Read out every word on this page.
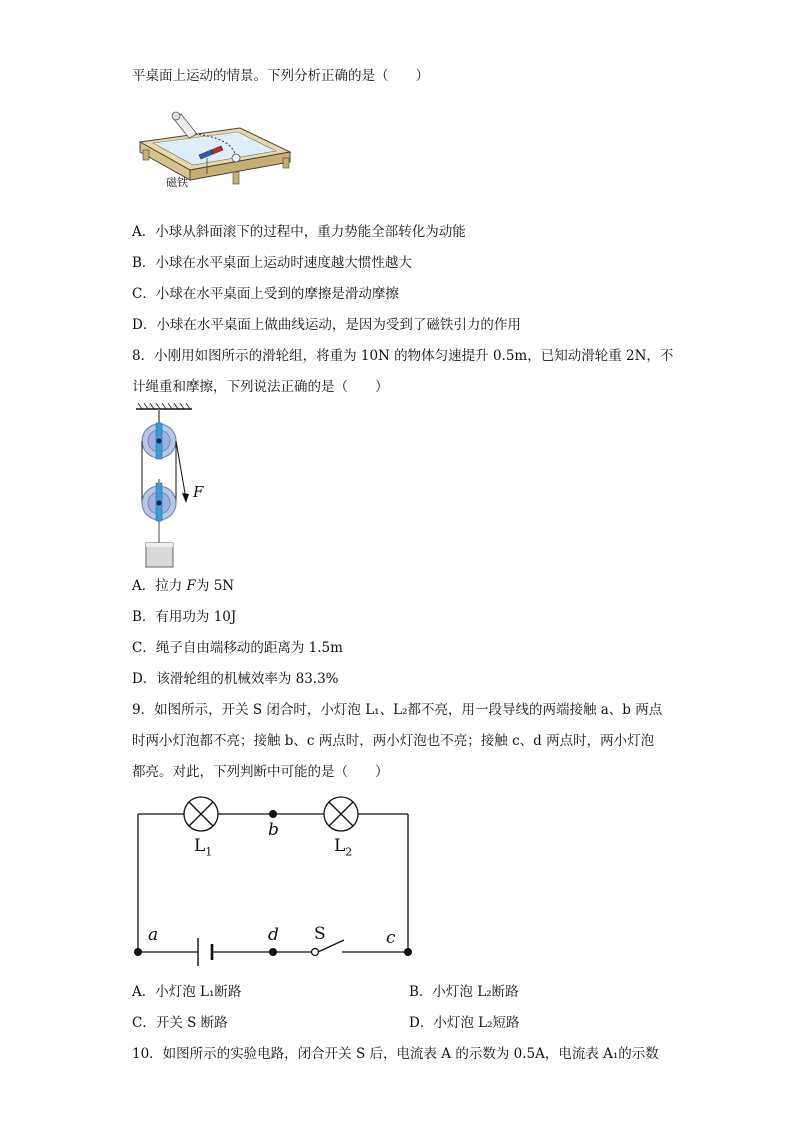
平桌面上运动的情景。下列分析正确的是（　　）
磁铁
A．小球从斜面滚下的过程中，重力势能全部转化为动能
B．小球在水平桌面上运动时速度越大惯性越大
C．小球在水平桌面上受到的摩擦是滑动摩擦
D．小球在水平桌面上做曲线运动，是因为受到了磁铁引力的作用
8．小刚用如图所示的滑轮组，将重为 10N 的物体匀速提升 0.5m，已知动滑轮重 2N，不
计绳重和摩擦，下列说法正确的是（　　）
F
A．拉力 F为 5N
B．有用功为 10J
C．绳子自由端移动的距离为 1.5m
D．该滑轮组的机械效率为 83.3%
9．如图所示，开关 S 闭合时，小灯泡 L₁、L₂都不亮，用一段导线的两端接触 a、b 两点
时两小灯泡都不亮；接触 b、c 两点时，两小灯泡也不亮；接触 c、d 两点时，两小灯泡
都亮。对此，下列判断中可能的是（　　）
$L_1$	$L_2$
b
a	d S	c
A．小灯泡 L₁断路	B．小灯泡 L₂断路
C．开关 S 断路	D．小灯泡 L₂短路
10．如图所示的实验电路，闭合开关 S 后，电流表 A 的示数为 0.5A，电流表 A₁的示数
